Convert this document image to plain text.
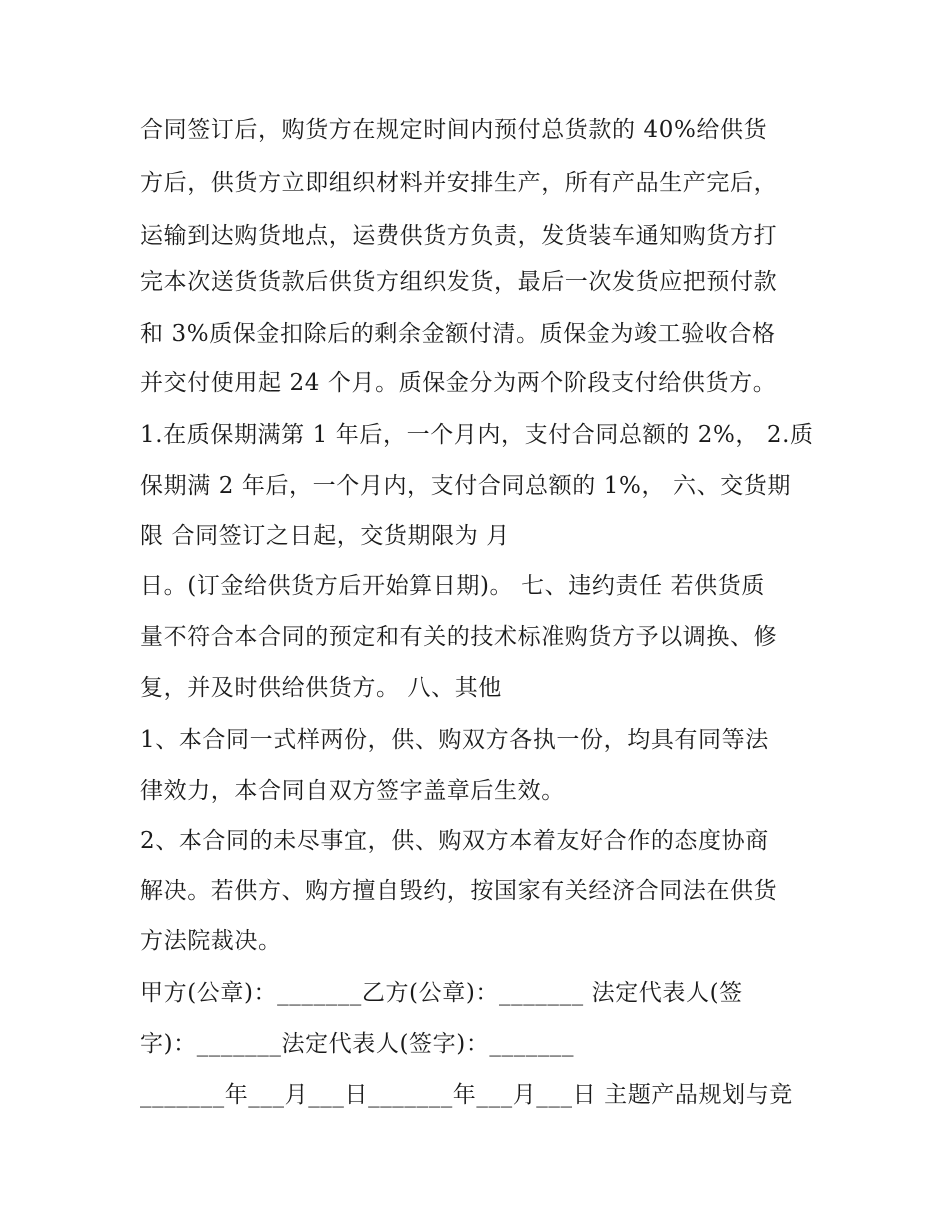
合同签订后，购货方在规定时间内预付总货款的 40%给供货

方后，供货方立即组织材料并安排生产，所有产品生产完后，

运输到达购货地点，运费供货方负责，发货装车通知购货方打

完本次送货货款后供货方组织发货，最后一次发货应把预付款

和 3%质保金扣除后的剩余金额付清。质保金为竣工验收合格

并交付使用起 24 个月。质保金分为两个阶段支付给供货方。

1.在质保期满第 1 年后，一个月内，支付合同总额的 2%， 2.质

保期满 2 年后，一个月内，支付合同总额的 1%， 六、交货期

限 合同签订之日起，交货期限为 月

日。(订金给供货方后开始算日期)。 七、违约责任 若供货质

量不符合本合同的预定和有关的技术标准购货方予以调换、修

复，并及时供给供货方。 八、其他

1、本合同一式样两份，供、购双方各执一份，均具有同等法

律效力，本合同自双方签字盖章后生效。

2、本合同的未尽事宜，供、购双方本着友好合作的态度协商

解决。若供方、购方擅自毁约，按国家有关经济合同法在供货

方法院裁决。

甲方(公章)：_______乙方(公章)：_______ 法定代表人(签

字)：_______法定代表人(签字)：_______

_______年___月___日_______年___月___日 主题产品规划与竞
